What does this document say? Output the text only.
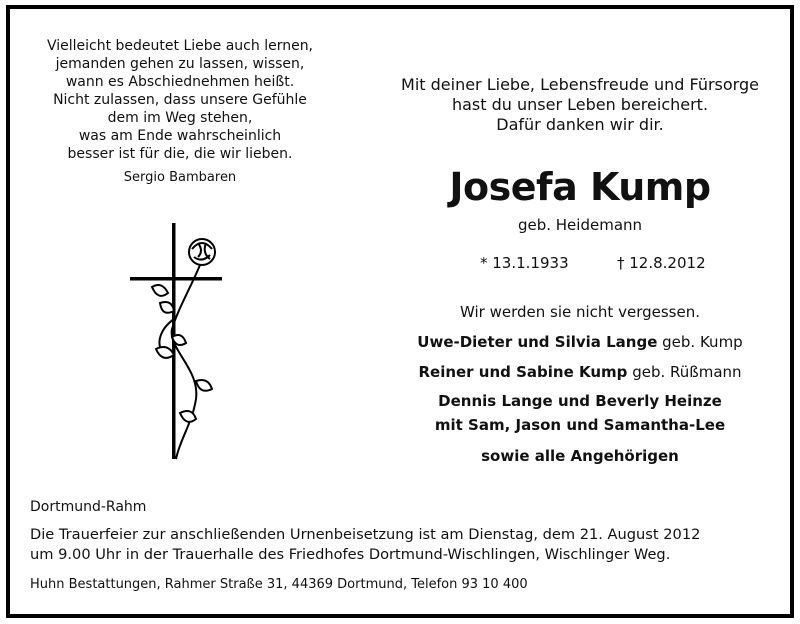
Vielleicht bedeutet Liebe auch lernen,
jemanden gehen zu lassen, wissen,
wann es Abschiednehmen heißt.
Nicht zulassen, dass unsere Gefühle
dem im Weg stehen,
was am Ende wahrscheinlich
besser ist für die, die wir lieben.
Sergio Bambaren
Mit deiner Liebe, Lebensfreude und Fürsorge
hast du unser Leben bereichert.
Dafür danken wir dir.
Josefa Kump
geb. Heidemann
* 13.1.1933	† 12.8.2012
Wir werden sie nicht vergessen.
Uwe-Dieter und Silvia Lange geb. Kump
Reiner und Sabine Kump geb. Rüßmann
Dennis Lange und Beverly Heinze
mit Sam, Jason und Samantha-Lee
sowie alle Angehörigen
Dortmund-Rahm
Die Trauerfeier zur anschließenden Urnenbeisetzung ist am Dienstag, dem 21. August 2012
um 9.00 Uhr in der Trauerhalle des Friedhofes Dortmund-Wischlingen, Wischlinger Weg.
Huhn Bestattungen, Rahmer Straße 31, 44369 Dortmund, Telefon 93 10 400
